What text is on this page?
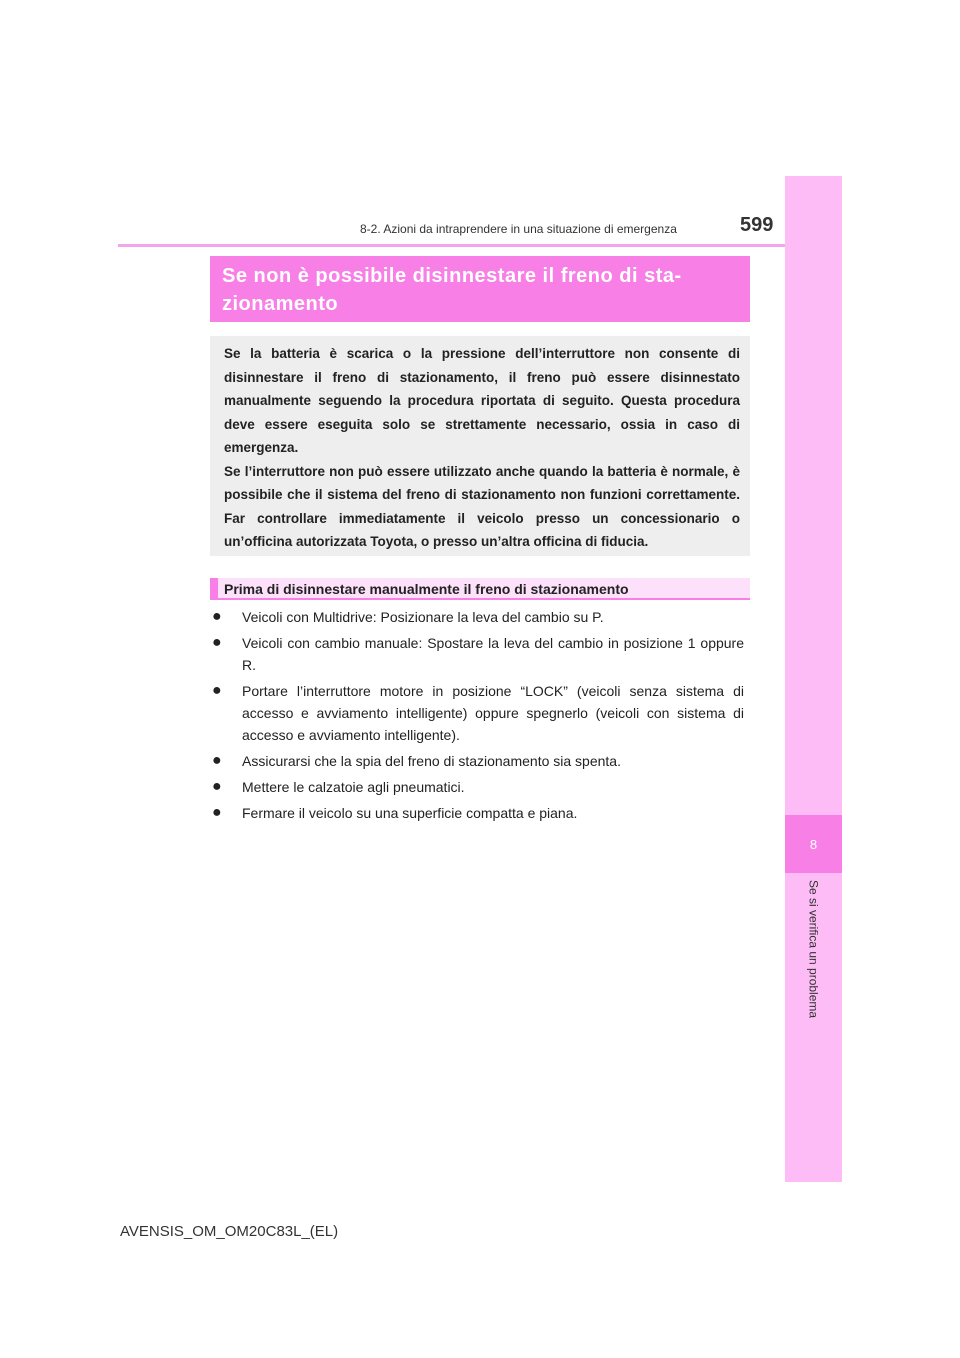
8
Se si verifica un problema
8-2. Azioni da intraprendere in una situazione di emergenza	599
Se non è possibile disinnestare il freno di sta-
zionamento

Se la batteria è scarica o la pressione dell’interruttore non consente di disinnestare il freno di stazionamento, il freno può essere disinnestato manualmente seguendo la procedura riportata di seguito. Questa procedura deve essere eseguita solo se strettamente necessario, ossia in caso di emergenza.

Se l’interruttore non può essere utilizzato anche quando la batteria è normale, è possibile che il sistema del freno di stazionamento non funzioni correttamente. Far controllare immediatamente il veicolo presso un concessionario o un’officina autorizzata Toyota, o presso un’altra officina di fiducia.

Prima di disinnestare manualmente il freno di stazionamento
● Veicoli con Multidrive: Posizionare la leva del cambio su P.
● Veicoli con cambio manuale: Spostare la leva del cambio in posizione 1 oppure R.
● Portare l’interruttore motore in posizione “LOCK” (veicoli senza sistema di accesso e avviamento intelligente) oppure spegnerlo (veicoli con sistema di accesso e avviamento intelligente).
● Assicurarsi che la spia del freno di stazionamento sia spenta.
● Mettere le calzatoie agli pneumatici.
● Fermare il veicolo su una superficie compatta e piana.
AVENSIS_OM_OM20C83L_(EL)
